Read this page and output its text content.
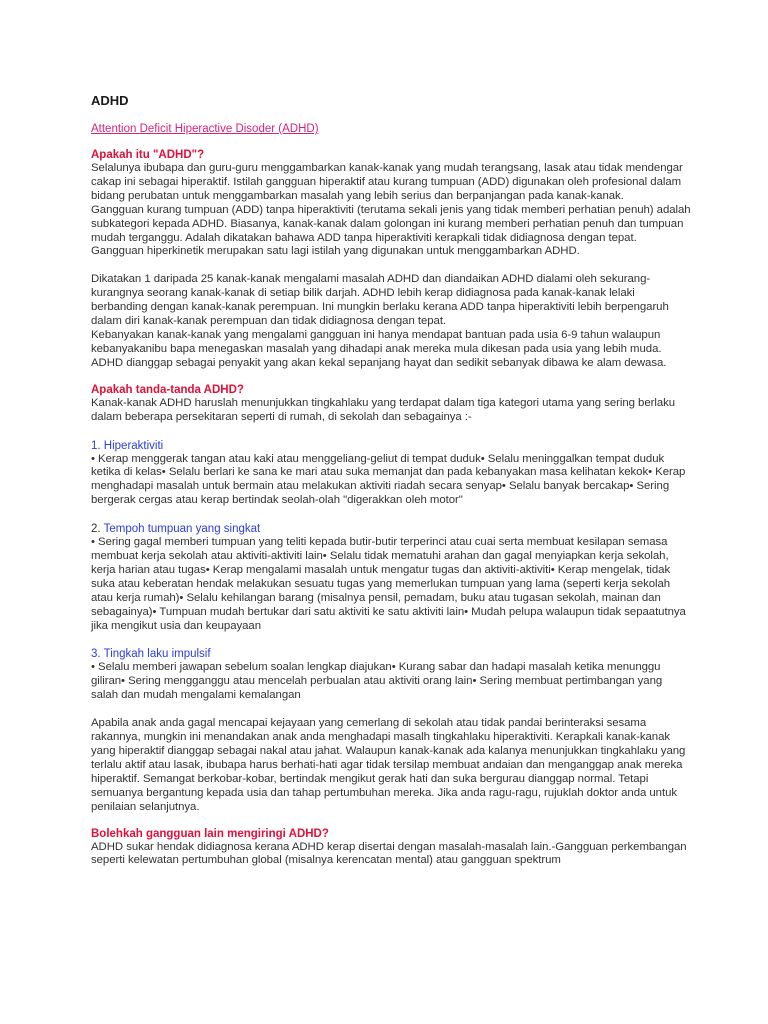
ADHD
Attention Deficit Hiperactive Disoder (ADHD)

Apakah itu "ADHD"?

Selalunya ibubapa dan guru-guru menggambarkan kanak-kanak yang mudah terangsang, lasak atau tidak mendengar cakap ini sebagai hiperaktif. Istilah gangguan hiperaktif atau kurang tumpuan (ADD) digunakan oleh profesional dalam bidang perubatan untuk menggambarkan masalah yang lebih serius dan berpanjangan pada kanak-kanak.

Gangguan kurang tumpuan (ADD) tanpa hiperaktiviti (terutama sekali jenis yang tidak memberi perhatian penuh) adalah subkategori kepada ADHD. Biasanya, kanak-kanak dalam golongan ini kurang memberi perhatian penuh dan tumpuan mudah terganggu. Adalah dikatakan bahawa ADD tanpa hiperaktiviti kerapkali tidak didiagnosa dengan tepat. Gangguan hiperkinetik merupakan satu lagi istilah yang digunakan untuk menggambarkan ADHD.

Dikatakan 1 daripada 25 kanak-kanak mengalami masalah ADHD dan diandaikan ADHD dialami oleh sekurang-kurangnya seorang kanak-kanak di setiap bilik darjah. ADHD lebih kerap didiagnosa pada kanak-kanak lelaki berbanding dengan kanak-kanak perempuan. Ini mungkin berlaku kerana ADD tanpa hiperaktiviti lebih berpengaruh dalam diri kanak-kanak perempuan dan tidak didiagnosa dengan tepat.

Kebanyakan kanak-kanak yang mengalami gangguan ini hanya mendapat bantuan pada usia 6-9 tahun walaupun kebanyakanibu bapa menegaskan masalah yang dihadapi anak mereka mula dikesan pada usia yang lebih muda. ADHD dianggap sebagai penyakit yang akan kekal sepanjang hayat dan sedikit sebanyak dibawa ke alam dewasa.

Apakah tanda-tanda ADHD?

Kanak-kanak ADHD haruslah menunjukkan tingkahlaku yang terdapat dalam tiga kategori utama yang sering berlaku dalam beberapa persekitaran seperti di rumah, di sekolah dan sebagainya :-

1. Hiperaktiviti

• Kerap menggerak tangan atau kaki atau menggeliang-geliut di tempat duduk• Selalu meninggalkan tempat duduk ketika di kelas• Selalu berlari ke sana ke mari atau suka memanjat dan pada kebanyakan masa kelihatan kekok• Kerap menghadapi masalah untuk bermain atau melakukan aktiviti riadah secara senyap• Selalu banyak bercakap• Sering bergerak cergas atau kerap bertindak seolah-olah "digerakkan oleh motor"

2. Tempoh tumpuan yang singkat

• Sering gagal memberi tumpuan yang teliti kepada butir-butir terperinci atau cuai serta membuat kesilapan semasa membuat kerja sekolah atau aktiviti-aktiviti lain• Selalu tidak mematuhi arahan dan gagal menyiapkan kerja sekolah, kerja harian atau tugas• Kerap mengalami masalah untuk mengatur tugas dan aktiviti-aktiviti• Kerap mengelak, tidak suka atau keberatan hendak melakukan sesuatu tugas yang memerlukan tumpuan yang lama (seperti kerja sekolah atau kerja rumah)• Selalu kehilangan barang (misalnya pensil, pemadam, buku atau tugasan sekolah, mainan dan sebagainya)• Tumpuan mudah bertukar dari satu aktiviti ke satu aktiviti lain• Mudah pelupa walaupun tidak sepaatutnya jika mengikut usia dan keupayaan

3. Tingkah laku impulsif

• Selalu memberi jawapan sebelum soalan lengkap diajukan• Kurang sabar dan hadapi masalah ketika menunggu giliran• Sering mengganggu atau mencelah perbualan atau aktiviti orang lain• Sering membuat pertimbangan yang salah dan mudah mengalami kemalangan

Apabila anak anda gagal mencapai kejayaan yang cemerlang di sekolah atau tidak pandai berinteraksi sesama rakannya, mungkin ini menandakan anak anda menghadapi masalh tingkahlaku hiperaktiviti. Kerapkali kanak-kanak yang hiperaktif dianggap sebagai nakal atau jahat. Walaupun kanak-kanak ada kalanya menunjukkan tingkahlaku yang terlalu aktif atau lasak, ibubapa harus berhati-hati agar tidak tersilap membuat andaian dan menganggap anak mereka hiperaktif. Semangat berkobar-kobar, bertindak mengikut gerak hati dan suka bergurau dianggap normal. Tetapi semuanya bergantung kepada usia dan tahap pertumbuhan mereka. Jika anda ragu-ragu, rujuklah doktor anda untuk penilaian selanjutnya.

Bolehkah gangguan lain mengiringi ADHD?

ADHD sukar hendak didiagnosa kerana ADHD kerap disertai dengan masalah-masalah lain.-Gangguan perkembangan seperti kelewatan pertumbuhan global (misalnya kerencatan mental) atau gangguan spektrum
